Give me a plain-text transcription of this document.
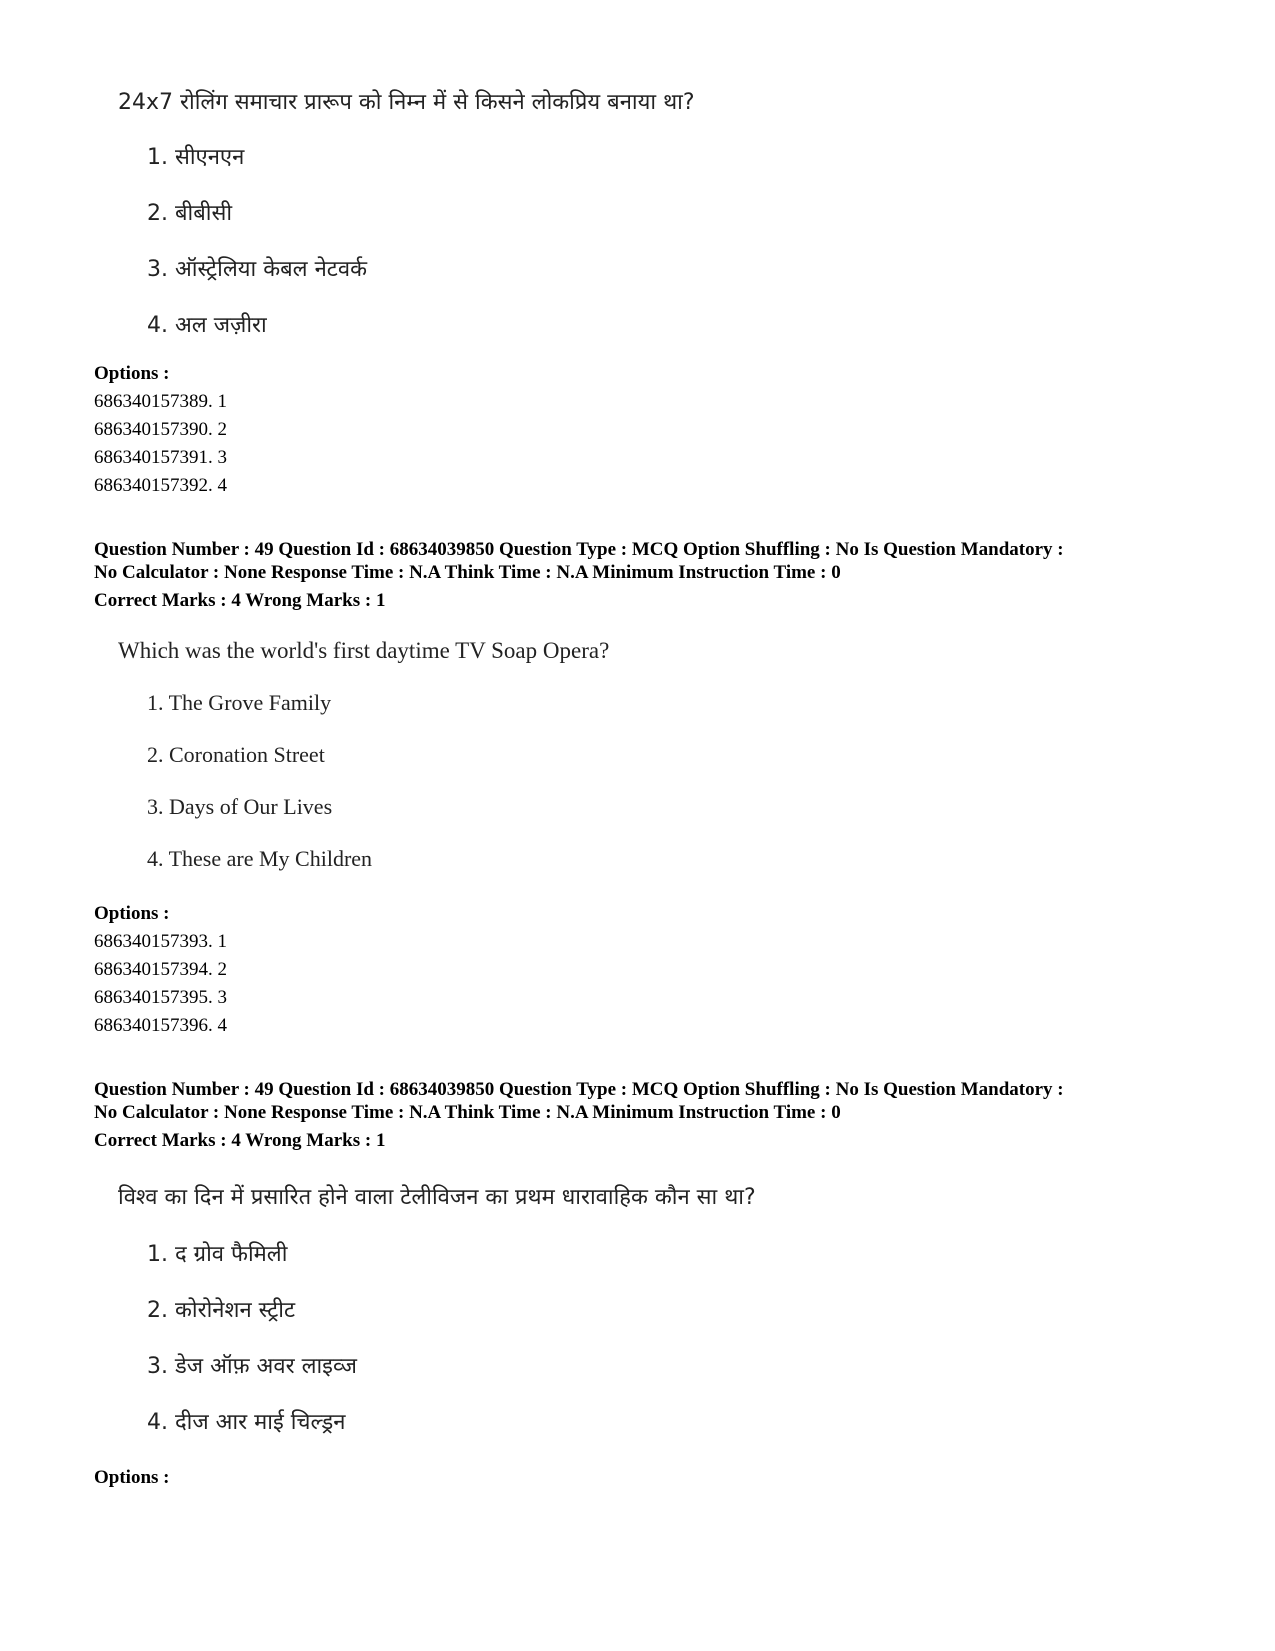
24x7 रोलिंग समाचार प्रारूप को निम्न में से किसने लोकप्रिय बनाया था?
1. सीएनएन
2. बीबीसी
3. ऑस्ट्रेलिया केबल नेटवर्क
4. अल जज़ीरा
Options :
686340157389. 1
686340157390. 2
686340157391. 3
686340157392. 4
Question Number : 49 Question Id : 68634039850 Question Type : MCQ Option Shuffling : No Is Question Mandatory :
No Calculator : None Response Time : N.A Think Time : N.A Minimum Instruction Time : 0
Correct Marks : 4 Wrong Marks : 1
Which was the world's first daytime TV Soap Opera?
1. The Grove Family
2. Coronation Street
3. Days of Our Lives
4. These are My Children
Options :
686340157393. 1
686340157394. 2
686340157395. 3
686340157396. 4
Question Number : 49 Question Id : 68634039850 Question Type : MCQ Option Shuffling : No Is Question Mandatory :
No Calculator : None Response Time : N.A Think Time : N.A Minimum Instruction Time : 0
Correct Marks : 4 Wrong Marks : 1
विश्व का दिन में प्रसारित होने वाला टेलीविजन का प्रथम धारावाहिक कौन सा था?
1. द ग्रोव फैमिली
2. कोरोनेशन स्ट्रीट
3. डेज ऑफ़ अवर लाइव्ज
4. दीज आर माई चिल्ड्रन
Options :
